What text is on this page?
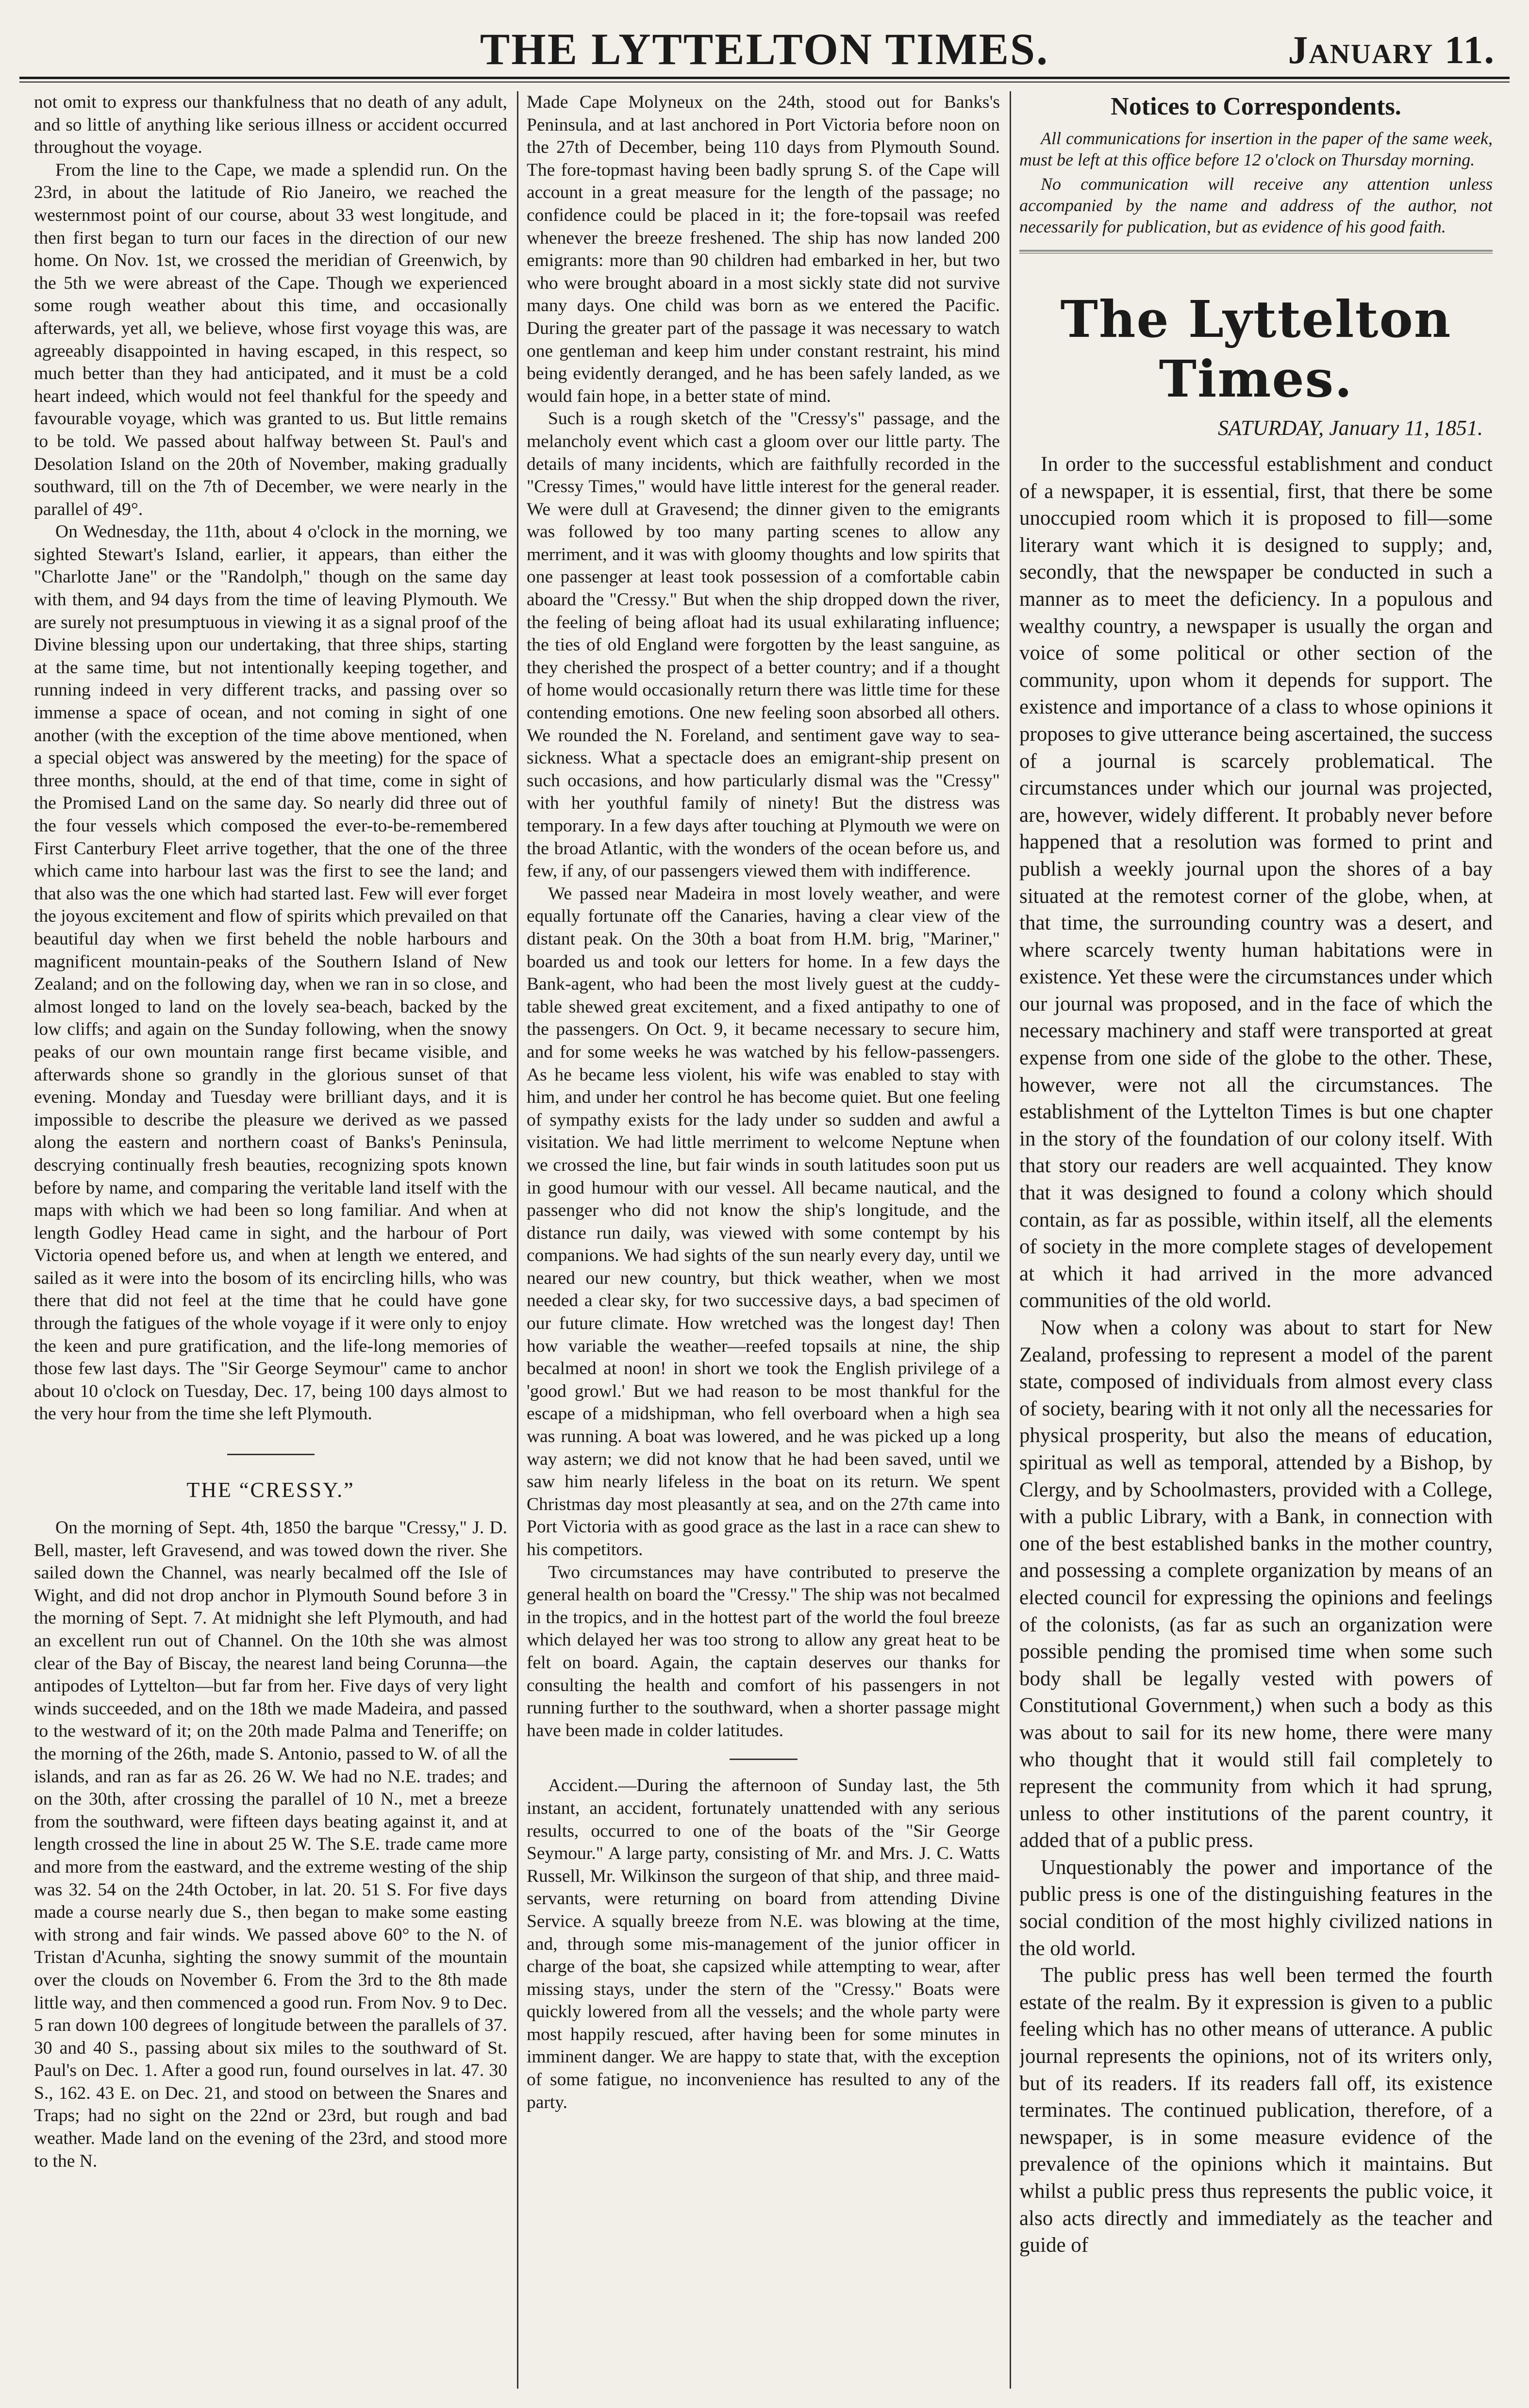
THE LYTTELTON TIMES.	January 11.

not omit to express our thankfulness that no death of any adult, and so little of anything like serious illness or accident occurred throughout the voyage.

From the line to the Cape, we made a splendid run. On the 23rd, in about the latitude of Rio Janeiro, we reached the westernmost point of our course, about 33 west longitude, and then first began to turn our faces in the direction of our new home. On Nov. 1st, we crossed the meridian of Greenwich, by the 5th we were abreast of the Cape. Though we experienced some rough weather about this time, and occasionally afterwards, yet all, we believe, whose first voyage this was, are agreeably disappointed in having escaped, in this respect, so much better than they had anticipated, and it must be a cold heart indeed, which would not feel thankful for the speedy and favourable voyage, which was granted to us. But little remains to be told. We passed about halfway between St. Paul's and Desolation Island on the 20th of November, making gradually southward, till on the 7th of December, we were nearly in the parallel of 49°.

On Wednesday, the 11th, about 4 o'clock in the morning, we sighted Stewart's Island, earlier, it appears, than either the "Charlotte Jane" or the "Randolph," though on the same day with them, and 94 days from the time of leaving Plymouth. We are surely not presumptuous in viewing it as a signal proof of the Divine blessing upon our undertaking, that three ships, starting at the same time, but not intentionally keeping together, and running indeed in very different tracks, and passing over so immense a space of ocean, and not coming in sight of one another (with the exception of the time above mentioned, when a special object was answered by the meeting) for the space of three months, should, at the end of that time, come in sight of the Promised Land on the same day. So nearly did three out of the four vessels which composed the ever-to-be-remembered First Canterbury Fleet arrive together, that the one of the three which came into harbour last was the first to see the land; and that also was the one which had started last. Few will ever forget the joyous excitement and flow of spirits which prevailed on that beautiful day when we first beheld the noble harbours and magnificent mountain-peaks of the Southern Island of New Zealand; and on the following day, when we ran in so close, and almost longed to land on the lovely sea-beach, backed by the low cliffs; and again on the Sunday following, when the snowy peaks of our own mountain range first became visible, and afterwards shone so grandly in the glorious sunset of that evening. Monday and Tuesday were brilliant days, and it is impossible to describe the pleasure we derived as we passed along the eastern and northern coast of Banks's Peninsula, descrying continually fresh beauties, recognizing spots known before by name, and comparing the veritable land itself with the maps with which we had been so long familiar. And when at length Godley Head came in sight, and the harbour of Port Victoria opened before us, and when at length we entered, and sailed as it were into the bosom of its encircling hills, who was there that did not feel at the time that he could have gone through the fatigues of the whole voyage if it were only to enjoy the keen and pure gratification, and the life-long memories of those few last days. The "Sir George Seymour" came to anchor about 10 o'clock on Tuesday, Dec. 17, being 100 days almost to the very hour from the time she left Plymouth.

THE “CRESSY.”

On the morning of Sept. 4th, 1850 the barque "Cressy," J. D. Bell, master, left Gravesend, and was towed down the river. She sailed down the Channel, was nearly becalmed off the Isle of Wight, and did not drop anchor in Plymouth Sound before 3 in the morning of Sept. 7. At midnight she left Plymouth, and had an excellent run out of Channel. On the 10th she was almost clear of the Bay of Biscay, the nearest land being Corunna—the antipodes of Lyttelton—but far from her. Five days of very light winds succeeded, and on the 18th we made Madeira, and passed to the westward of it; on the 20th made Palma and Teneriffe; on the morning of the 26th, made S. Antonio, passed to W. of all the islands, and ran as far as 26. 26 W. We had no N.E. trades; and on the 30th, after crossing the parallel of 10 N., met a breeze from the southward, were fifteen days beating against it, and at length crossed the line in about 25 W. The S.E. trade came more and more from the eastward, and the extreme westing of the ship was 32. 54 on the 24th October, in lat. 20. 51 S. For five days made a course nearly due S., then began to make some easting with strong and fair winds. We passed above 60° to the N. of Tristan d'Acunha, sighting the snowy summit of the mountain over the clouds on November 6. From the 3rd to the 8th made little way, and then commenced a good run. From Nov. 9 to Dec. 5 ran down 100 degrees of longitude between the parallels of 37. 30 and 40 S., passing about six miles to the southward of St. Paul's on Dec. 1. After a good run, found ourselves in lat. 47. 30 S., 162. 43 E. on Dec. 21, and stood on between the Snares and Traps; had no sight on the 22nd or 23rd, but rough and bad weather. Made land on the evening of the 23rd, and stood more to the N.

Made Cape Molyneux on the 24th, stood out for Banks's Peninsula, and at last anchored in Port Victoria before noon on the 27th of December, being 110 days from Plymouth Sound. The fore-topmast having been badly sprung S. of the Cape will account in a great measure for the length of the passage; no confidence could be placed in it; the fore-topsail was reefed whenever the breeze freshened. The ship has now landed 200 emigrants: more than 90 children had embarked in her, but two who were brought aboard in a most sickly state did not survive many days. One child was born as we entered the Pacific. During the greater part of the passage it was necessary to watch one gentleman and keep him under constant restraint, his mind being evidently deranged, and he has been safely landed, as we would fain hope, in a better state of mind.

Such is a rough sketch of the "Cressy's" passage, and the melancholy event which cast a gloom over our little party. The details of many incidents, which are faithfully recorded in the "Cressy Times," would have little interest for the general reader. We were dull at Gravesend; the dinner given to the emigrants was followed by too many parting scenes to allow any merriment, and it was with gloomy thoughts and low spirits that one passenger at least took possession of a comfortable cabin aboard the "Cressy." But when the ship dropped down the river, the feeling of being afloat had its usual exhilarating influence; the ties of old England were forgotten by the least sanguine, as they cherished the prospect of a better country; and if a thought of home would occasionally return there was little time for these contending emotions. One new feeling soon absorbed all others. We rounded the N. Foreland, and sentiment gave way to sea-sickness. What a spectacle does an emigrant-ship present on such occasions, and how particularly dismal was the "Cressy" with her youthful family of ninety! But the distress was temporary. In a few days after touching at Plymouth we were on the broad Atlantic, with the wonders of the ocean before us, and few, if any, of our passengers viewed them with indifference.

We passed near Madeira in most lovely weather, and were equally fortunate off the Canaries, having a clear view of the distant peak. On the 30th a boat from H.M. brig, "Mariner," boarded us and took our letters for home. In a few days the Bank-agent, who had been the most lively guest at the cuddy-table shewed great excitement, and a fixed antipathy to one of the passengers. On Oct. 9, it became necessary to secure him, and for some weeks he was watched by his fellow-passengers. As he became less violent, his wife was enabled to stay with him, and under her control he has become quiet. But one feeling of sympathy exists for the lady under so sudden and awful a visitation. We had little merriment to welcome Neptune when we crossed the line, but fair winds in south latitudes soon put us in good humour with our vessel. All became nautical, and the passenger who did not know the ship's longitude, and the distance run daily, was viewed with some contempt by his companions. We had sights of the sun nearly every day, until we neared our new country, but thick weather, when we most needed a clear sky, for two successive days, a bad specimen of our future climate. How wretched was the longest day! Then how variable the weather—reefed topsails at nine, the ship becalmed at noon! in short we took the English privilege of a 'good growl.' But we had reason to be most thankful for the escape of a midshipman, who fell overboard when a high sea was running. A boat was lowered, and he was picked up a long way astern; we did not know that he had been saved, until we saw him nearly lifeless in the boat on its return. We spent Christmas day most pleasantly at sea, and on the 27th came into Port Victoria with as good grace as the last in a race can shew to his competitors.

Two circumstances may have contributed to preserve the general health on board the "Cressy." The ship was not becalmed in the tropics, and in the hottest part of the world the foul breeze which delayed her was too strong to allow any great heat to be felt on board. Again, the captain deserves our thanks for consulting the health and comfort of his passengers in not running further to the southward, when a shorter passage might have been made in colder latitudes.

Accident.—During the afternoon of Sunday last, the 5th instant, an accident, fortunately unattended with any serious results, occurred to one of the boats of the "Sir George Seymour." A large party, consisting of Mr. and Mrs. J. C. Watts Russell, Mr. Wilkinson the surgeon of that ship, and three maid-servants, were returning on board from attending Divine Service. A squally breeze from N.E. was blowing at the time, and, through some mis-management of the junior officer in charge of the boat, she capsized while attempting to wear, after missing stays, under the stern of the "Cressy." Boats were quickly lowered from all the vessels; and the whole party were most happily rescued, after having been for some minutes in imminent danger. We are happy to state that, with the exception of some fatigue, no inconvenience has resulted to any of the party.

Notices to Correspondents.

All communications for insertion in the paper of the same week, must be left at this office before 12 o'clock on Thursday morning.

No communication will receive any attention unless accompanied by the name and address of the author, not necessarily for publication, but as evidence of his good faith.

The Lyttelton Times.
SATURDAY, January 11, 1851.

In order to the successful establishment and conduct of a newspaper, it is essential, first, that there be some unoccupied room which it is proposed to fill—some literary want which it is designed to supply; and, secondly, that the newspaper be conducted in such a manner as to meet the deficiency. In a populous and wealthy country, a newspaper is usually the organ and voice of some political or other section of the community, upon whom it depends for support. The existence and importance of a class to whose opinions it proposes to give utterance being ascertained, the success of a journal is scarcely problematical. The circumstances under which our journal was projected, are, however, widely different. It probably never before happened that a resolution was formed to print and publish a weekly journal upon the shores of a bay situated at the remotest corner of the globe, when, at that time, the surrounding country was a desert, and where scarcely twenty human habitations were in existence. Yet these were the circumstances under which our journal was proposed, and in the face of which the necessary machinery and staff were transported at great expense from one side of the globe to the other. These, however, were not all the circumstances. The establishment of the Lyttelton Times is but one chapter in the story of the foundation of our colony itself. With that story our readers are well acquainted. They know that it was designed to found a colony which should contain, as far as possible, within itself, all the elements of society in the more complete stages of developement at which it had arrived in the more advanced communities of the old world.

Now when a colony was about to start for New Zealand, professing to represent a model of the parent state, composed of individuals from almost every class of society, bearing with it not only all the necessaries for physical prosperity, but also the means of education, spiritual as well as temporal, attended by a Bishop, by Clergy, and by Schoolmasters, provided with a College, with a public Library, with a Bank, in connection with one of the best established banks in the mother country, and possessing a complete organization by means of an elected council for expressing the opinions and feelings of the colonists, (as far as such an organization were possible pending the promised time when some such body shall be legally vested with powers of Constitutional Government,) when such a body as this was about to sail for its new home, there were many who thought that it would still fail completely to represent the community from which it had sprung, unless to other institutions of the parent country, it added that of a public press.

Unquestionably the power and importance of the public press is one of the distinguishing features in the social condition of the most highly civilized nations in the old world.

The public press has well been termed the fourth estate of the realm. By it expression is given to a public feeling which has no other means of utterance. A public journal represents the opinions, not of its writers only, but of its readers. If its readers fall off, its existence terminates. The continued publication, therefore, of a newspaper, is in some measure evidence of the prevalence of the opinions which it maintains. But whilst a public press thus represents the public voice, it also acts directly and immediately as the teacher and guide of
